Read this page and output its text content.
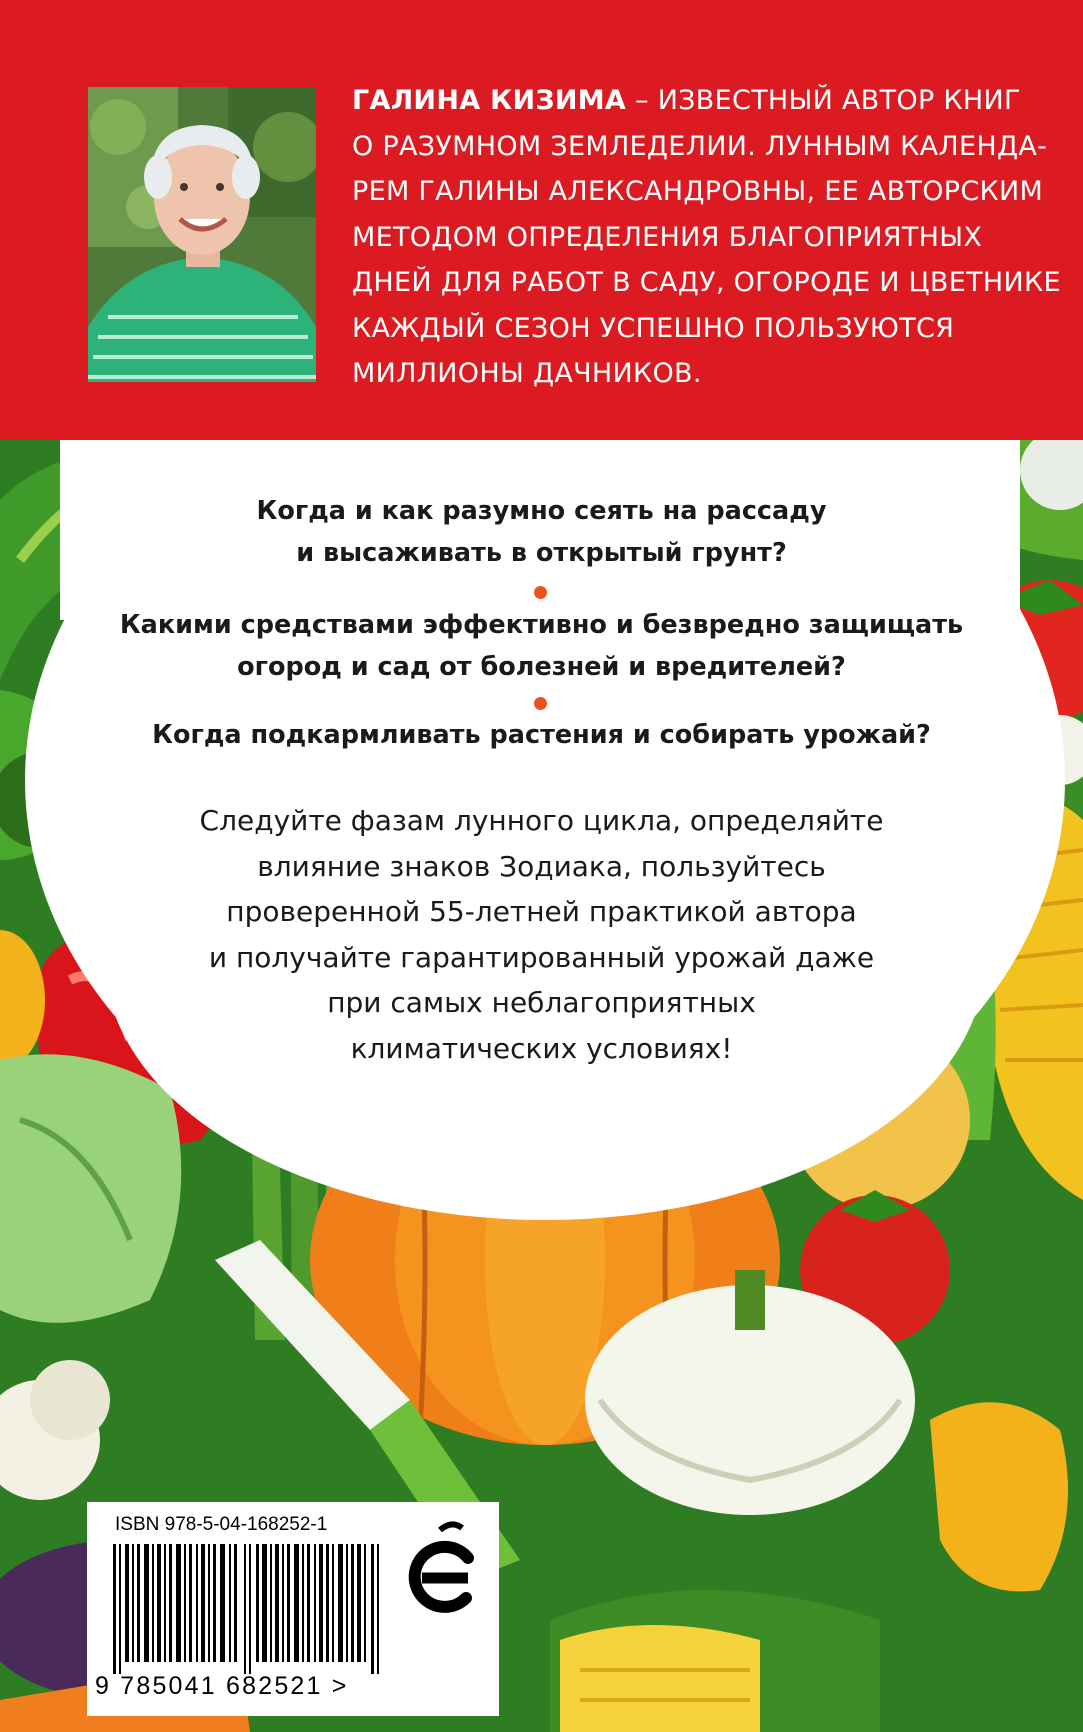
ГАЛИНА КИЗИМА – ИЗВЕСТНЫЙ АВТОР КНИГ
О РАЗУМНОМ ЗЕМЛЕДЕЛИИ. ЛУННЫМ КАЛЕНДА-
РЕМ ГАЛИНЫ АЛЕКСАНДРОВНЫ, ЕЕ АВТОРСКИМ
МЕТОДОМ ОПРЕДЕЛЕНИЯ БЛАГОПРИЯТНЫХ
ДНЕЙ ДЛЯ РАБОТ В САДУ, ОГОРОДЕ И ЦВЕТНИКЕ
КАЖДЫЙ СЕЗОН УСПЕШНО ПОЛЬЗУЮТСЯ
МИЛЛИОНЫ ДАЧНИКОВ.
Когда и как разумно сеять на рассаду
и высаживать в открытый грунт?
Какими средствами эффективно и безвредно защищать
огород и сад от болезней и вредителей?
Когда подкармливать растения и собирать урожай?
Следуйте фазам лунного цикла, определяйте
влияние знаков Зодиака, пользуйтесь
проверенной 55-летней практикой автора
и получайте гарантированный урожай даже
при самых неблагоприятных
климатических условиях!
ISBN 978-5-04-168252-1
9 785041 682521 >
